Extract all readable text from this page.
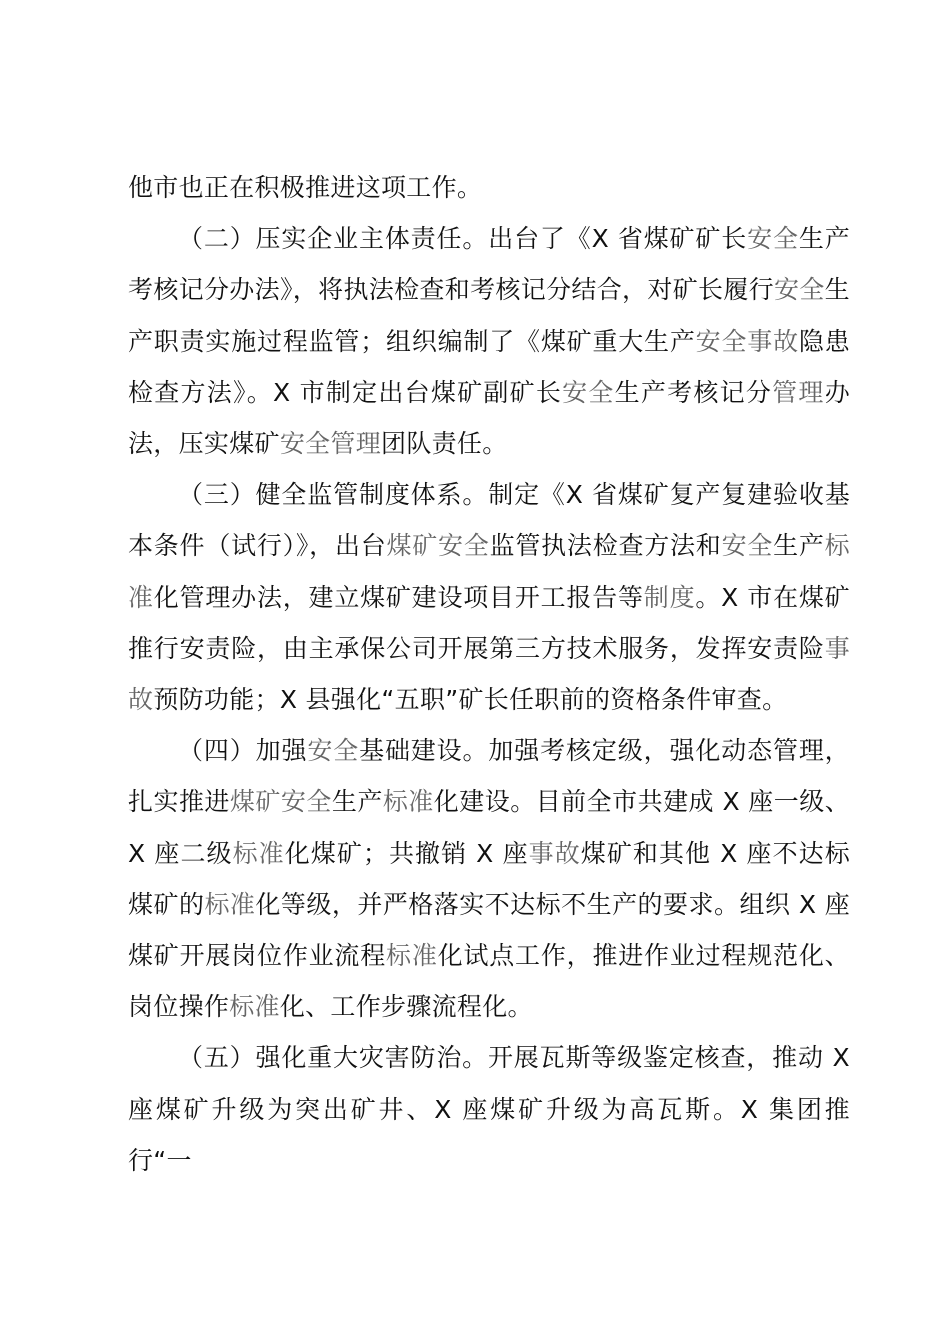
他市也正在积极推进这项工作。

（二）压实企业主体责任。出台了《X 省煤矿矿长安全生产考核记分办法》，将执法检查和考核记分结合，对矿长履行安全生产职责实施过程监管；组织编制了《煤矿重大生产安全事故隐患检查方法》。X 市制定出台煤矿副矿长安全生产考核记分管理办法，压实煤矿安全管理团队责任。

（三）健全监管制度体系。制定《X 省煤矿复产复建验收基本条件（试行）》，出台煤矿安全监管执法检查方法和安全生产标准化管理办法，建立煤矿建设项目开工报告等制度。X 市在煤矿推行安责险，由主承保公司开展第三方技术服务，发挥安责险事故预防功能；X 县强化“五职”矿长任职前的资格条件审查。

（四）加强安全基础建设。加强考核定级，强化动态管理，扎实推进煤矿安全生产标准化建设。目前全市共建成 X 座一级、X 座二级标准化煤矿；共撤销 X 座事故煤矿和其他 X 座不达标煤矿的标准化等级，并严格落实不达标不生产的要求。组织 X 座煤矿开展岗位作业流程标准化试点工作，推进作业过程规范化、岗位操作标准化、工作步骤流程化。

（五）强化重大灾害防治。开展瓦斯等级鉴定核查，推动 X 座煤矿升级为突出矿井、X 座煤矿升级为高瓦斯。X 集团推行“一
